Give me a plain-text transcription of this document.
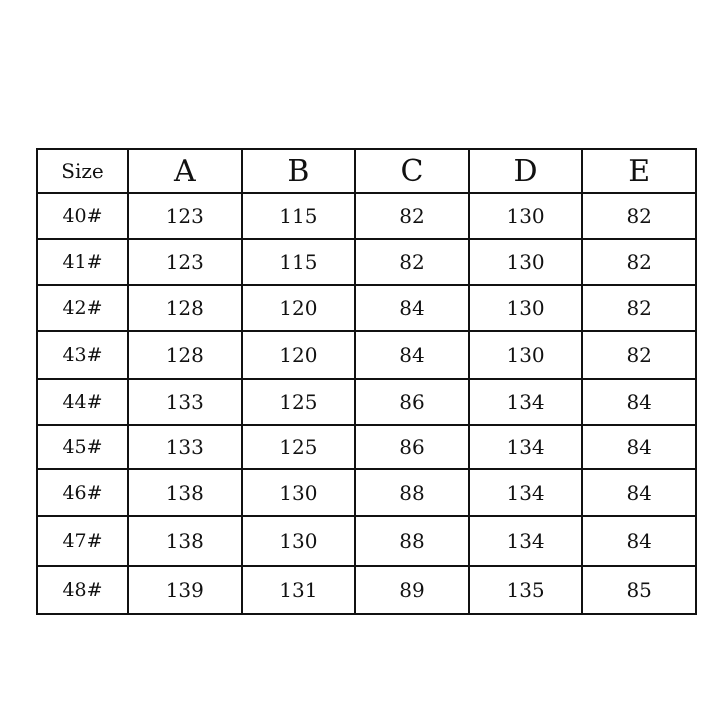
Size	A	B	C	D	E
40#	123	115	82	130	82
41#	123	115	82	130	82
42#	128	120	84	130	82
43#	128	120	84	130	82
44#	133	125	86	134	84
45#	133	125	86	134	84
46#	138	130	88	134	84
47#	138	130	88	134	84
48#	139	131	89	135	85
